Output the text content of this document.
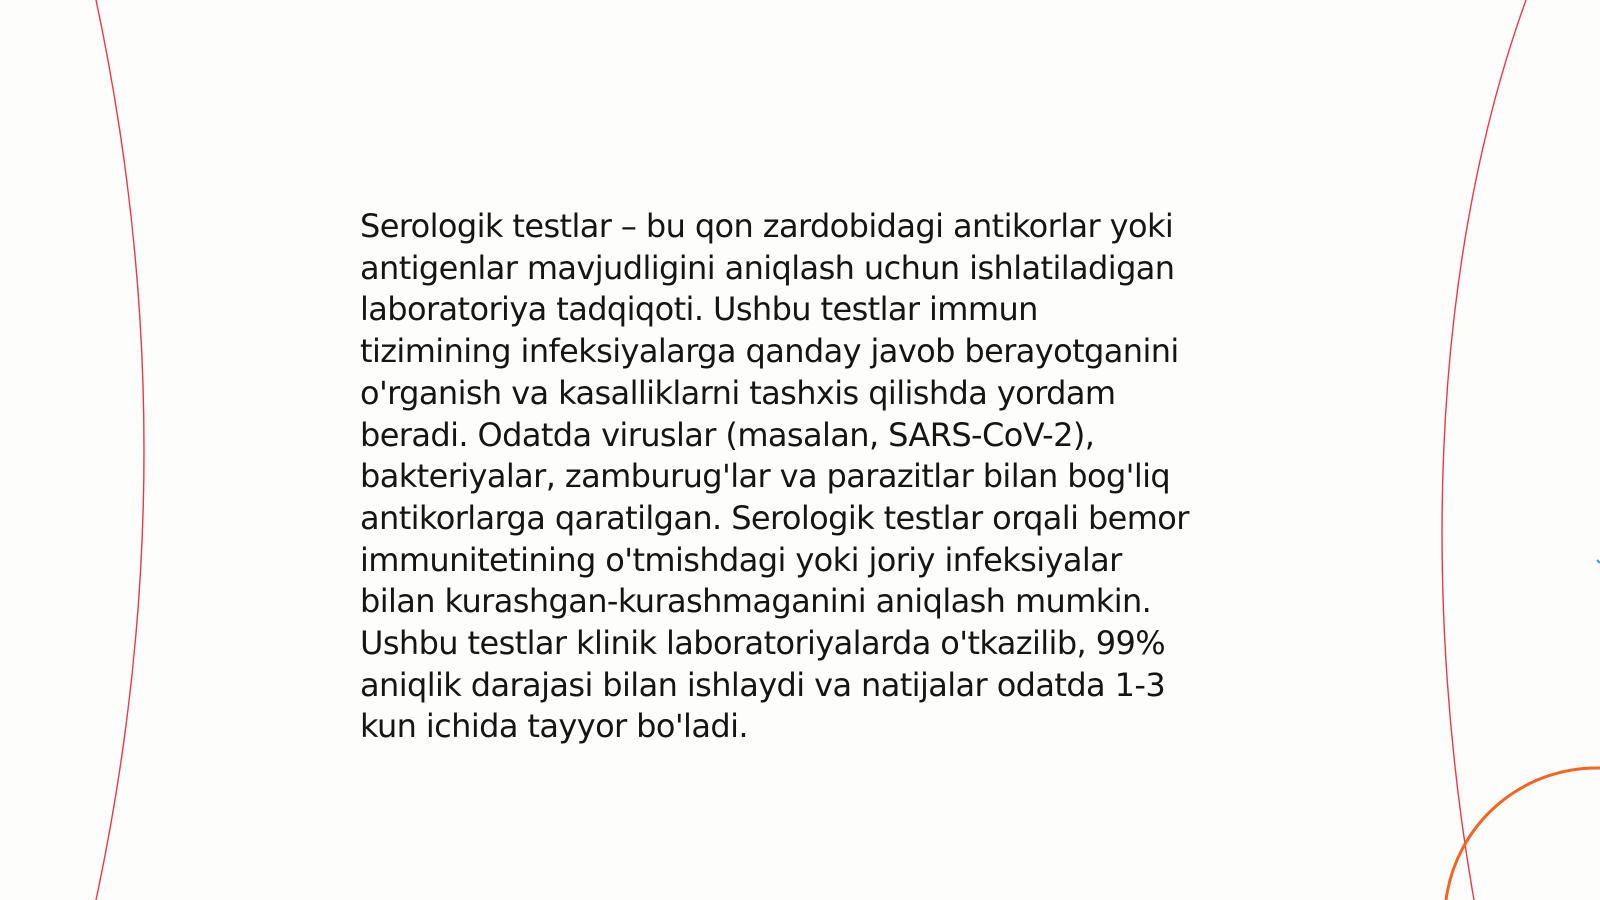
Serologik testlar – bu qon zardobidagi antikorlar yoki
antigenlar mavjudligini aniqlash uchun ishlatiladigan
laboratoriya tadqiqoti. Ushbu testlar immun
tizimining infeksiyalarga qanday javob berayotganini
o'rganish va kasalliklarni tashxis qilishda yordam
beradi. Odatda viruslar (masalan, SARS-CoV-2),
bakteriyalar, zamburug'lar va parazitlar bilan bog'liq
antikorlarga qaratilgan. Serologik testlar orqali bemor
immunitetining o'tmishdagi yoki joriy infeksiyalar
bilan kurashgan-kurashmaganini aniqlash mumkin.
Ushbu testlar klinik laboratoriyalarda o'tkazilib, 99%
aniqlik darajasi bilan ishlaydi va natijalar odatda 1-3
kun ichida tayyor bo'ladi.
